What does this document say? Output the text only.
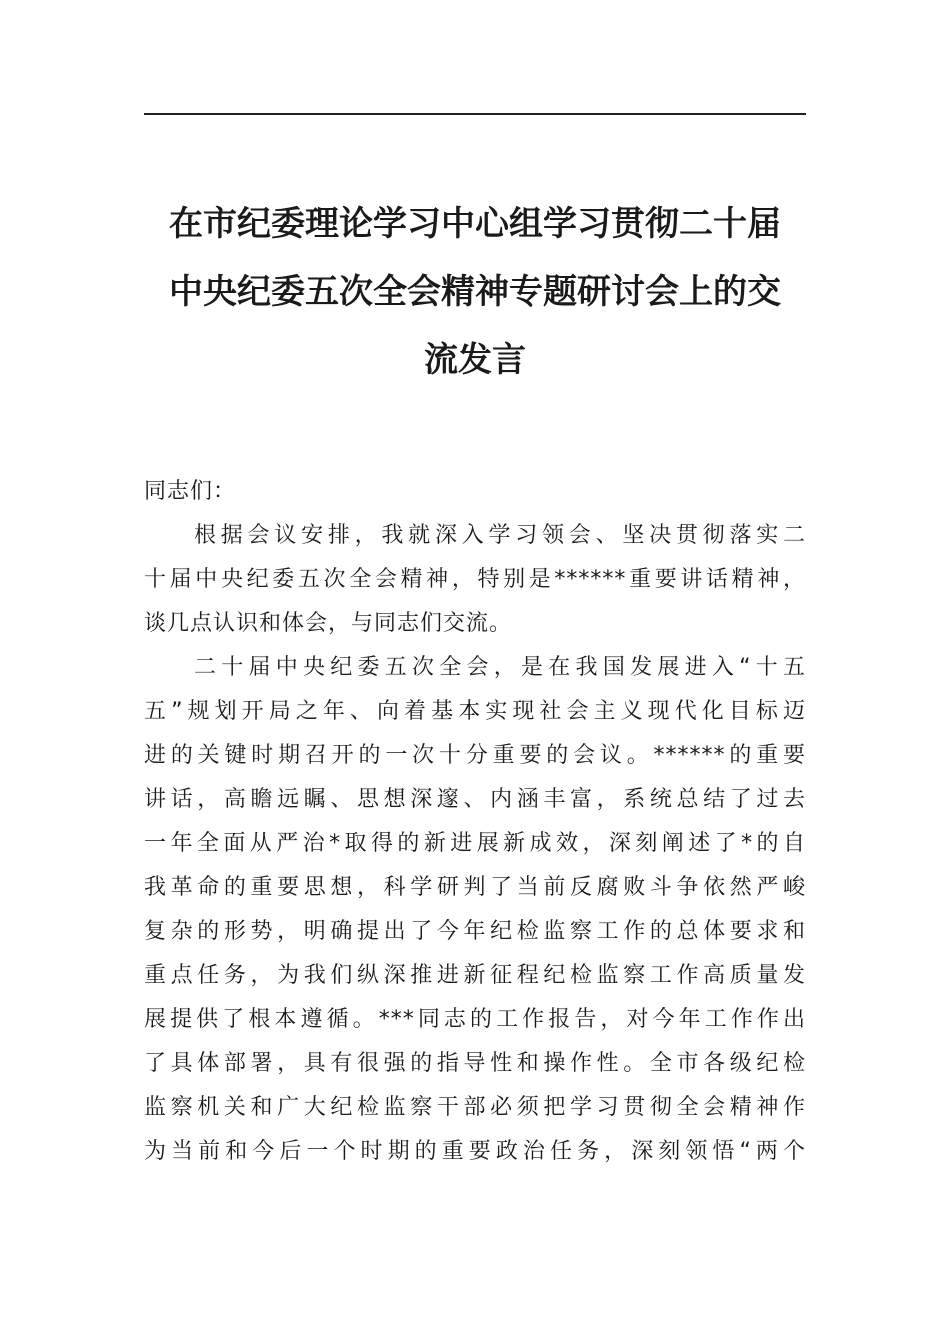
在市纪委理论学习中心组学习贯彻二十届
中央纪委五次全会精神专题研讨会上的交
流发言
同志们：
根据会议安排，我就深入学习领会、坚决贯彻落实二
十届中央纪委五次全会精神，特别是******重要讲话精神，
谈几点认识和体会，与同志们交流。
二十届中央纪委五次全会，是在我国发展进入“十五
五”规划开局之年、向着基本实现社会主义现代化目标迈
进的关键时期召开的一次十分重要的会议。******的重要
讲话，高瞻远瞩、思想深邃、内涵丰富，系统总结了过去
一年全面从严治*取得的新进展新成效，深刻阐述了*的自
我革命的重要思想，科学研判了当前反腐败斗争依然严峻
复杂的形势，明确提出了今年纪检监察工作的总体要求和
重点任务，为我们纵深推进新征程纪检监察工作高质量发
展提供了根本遵循。***同志的工作报告，对今年工作作出
了具体部署，具有很强的指导性和操作性。全市各级纪检
监察机关和广大纪检监察干部必须把学习贯彻全会精神作
为当前和今后一个时期的重要政治任务，深刻领悟“两个
